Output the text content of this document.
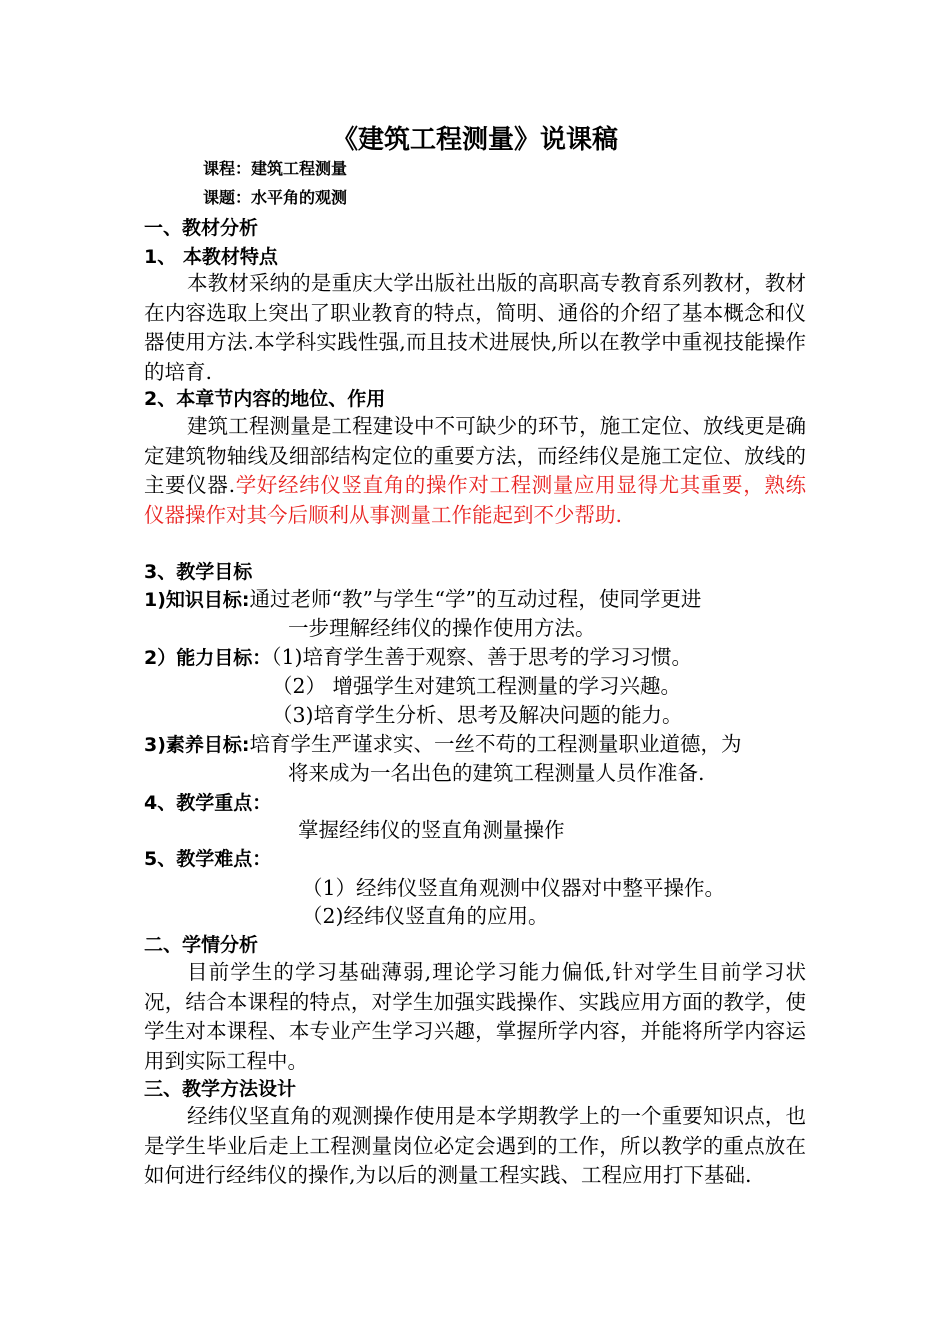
《建筑工程测量》说课稿
课程：建筑工程测量
课题：水平角的观测
一、教材分析
1、 本教材特点

本教材采纳的是重庆大学出版社出版的高职高专教育系列教材，教材在内容选取上突出了职业教育的特点，简明、通俗的介绍了基本概念和仪器使用方法.本学科实践性强,而且技术进展快,所以在教学中重视技能操作的培育.

2、本章节内容的地位、作用

建筑工程测量是工程建设中不可缺少的环节，施工定位、放线更是确定建筑物轴线及细部结构定位的重要方法，而经纬仪是施工定位、放线的主要仪器.学好经纬仪竖直角的操作对工程测量应用显得尤其重要，熟练仪器操作对其今后顺利从事测量工作能起到不少帮助.

3、教学目标
1)知识目标:通过老师“教”与学生“学”的互动过程，使同学更进
一步理解经纬仪的操作使用方法。
2）能力目标：（1)培育学生善于观察、善于思考的学习习惯。
（2） 增强学生对建筑工程测量的学习兴趣。
（3)培育学生分析、思考及解决问题的能力。
3)素养目标:培育学生严谨求实、一丝不苟的工程测量职业道德，为
将来成为一名出色的建筑工程测量人员作准备.
4、教学重点：
掌握经纬仪的竖直角测量操作
5、教学难点：
（1）经纬仪竖直角观测中仪器对中整平操作。
（2)经纬仪竖直角的应用。
二、学情分析

目前学生的学习基础薄弱,理论学习能力偏低,针对学生目前学习状况，结合本课程的特点，对学生加强实践操作、实践应用方面的教学，使学生对本课程、本专业产生学习兴趣，掌握所学内容，并能将所学内容运用到实际工程中。

三、教学方法设计

经纬仪坚直角的观测操作使用是本学期教学上的一个重要知识点，也是学生毕业后走上工程测量岗位必定会遇到的工作，所以教学的重点放在如何进行经纬仪的操作,为以后的测量工程实践、工程应用打下基础.
